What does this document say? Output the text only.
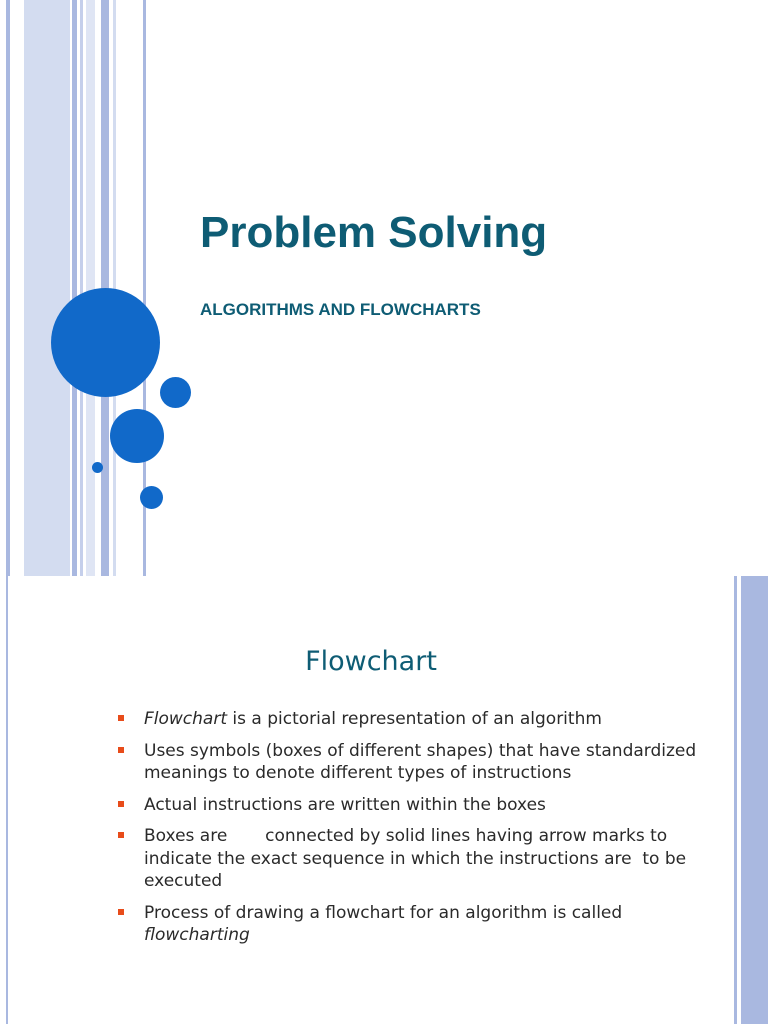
Problem Solving
ALGORITHMS AND FLOWCHARTS
Flowchart
Flowchart is a pictorial representation of an algorithm
Uses symbols (boxes of different shapes) that have standardized meanings to denote different types of instructions
Actual instructions are written within the boxes
Boxes are       connected by solid lines having arrow marks to  indicate the exact sequence in which the instructions are  to be executed
Process of drawing a flowchart for an algorithm is called flowcharting
